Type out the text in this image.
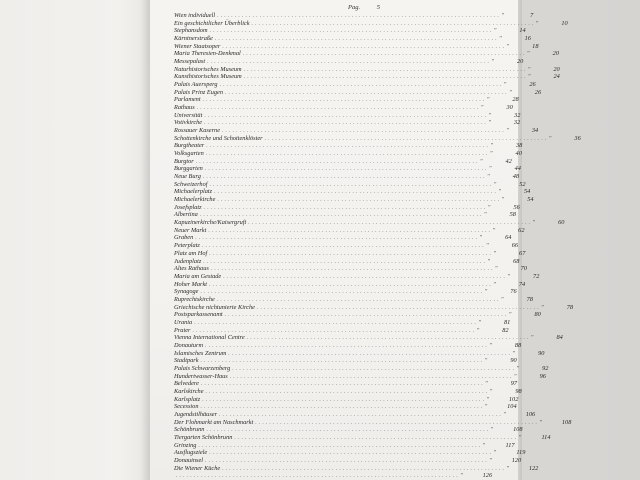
Pag.	5
Wien individuell . . . . . . . . . . . . . . . . . . . . . . . . . . . . . . . . . . . . . . . . . . . . . . . . . . . . . . . . . . . . . . . . . . . . . . . . . . . . . . . . "	7
Ein geschichtlicher Überblick . . . . . . . . . . . . . . . . . . . . . . . . . . . . . . . . . . . . . . . . . . . . . . . . . . . . . . . . . . . . . . . . . . . . . . . . . . . . . . . . "	10
Stephansdom . . . . . . . . . . . . . . . . . . . . . . . . . . . . . . . . . . . . . . . . . . . . . . . . . . . . . . . . . . . . . . . . . . . . . . . . . . . . . . . . "	14
Kärntnerstraße . . . . . . . . . . . . . . . . . . . . . . . . . . . . . . . . . . . . . . . . . . . . . . . . . . . . . . . . . . . . . . . . . . . . . . . . . . . . . . . . "	16
Wiener Staatsoper . . . . . . . . . . . . . . . . . . . . . . . . . . . . . . . . . . . . . . . . . . . . . . . . . . . . . . . . . . . . . . . . . . . . . . . . . . . . . . . . "	18
Maria Theresien-Denkmal . . . . . . . . . . . . . . . . . . . . . . . . . . . . . . . . . . . . . . . . . . . . . . . . . . . . . . . . . . . . . . . . . . . . . . . . . . . . . . . . "	20
Messepalast . . . . . . . . . . . . . . . . . . . . . . . . . . . . . . . . . . . . . . . . . . . . . . . . . . . . . . . . . . . . . . . . . . . . . . . . . . . . . . . . "	20
Naturhistorisches Museum . . . . . . . . . . . . . . . . . . . . . . . . . . . . . . . . . . . . . . . . . . . . . . . . . . . . . . . . . . . . . . . . . . . . . . . . . . . . . . . . "	20
Kunsthistorisches Museum . . . . . . . . . . . . . . . . . . . . . . . . . . . . . . . . . . . . . . . . . . . . . . . . . . . . . . . . . . . . . . . . . . . . . . . . . . . . . . . . "	24
Palais Auersperg . . . . . . . . . . . . . . . . . . . . . . . . . . . . . . . . . . . . . . . . . . . . . . . . . . . . . . . . . . . . . . . . . . . . . . . . . . . . . . . . "	26
Palais Prinz Eugen . . . . . . . . . . . . . . . . . . . . . . . . . . . . . . . . . . . . . . . . . . . . . . . . . . . . . . . . . . . . . . . . . . . . . . . . . . . . . . . . "	26
Parlament . . . . . . . . . . . . . . . . . . . . . . . . . . . . . . . . . . . . . . . . . . . . . . . . . . . . . . . . . . . . . . . . . . . . . . . . . . . . . . . . "	28
Rathaus . . . . . . . . . . . . . . . . . . . . . . . . . . . . . . . . . . . . . . . . . . . . . . . . . . . . . . . . . . . . . . . . . . . . . . . . . . . . . . . . "	30
Universität . . . . . . . . . . . . . . . . . . . . . . . . . . . . . . . . . . . . . . . . . . . . . . . . . . . . . . . . . . . . . . . . . . . . . . . . . . . . . . . . "	32
Votivkirche . . . . . . . . . . . . . . . . . . . . . . . . . . . . . . . . . . . . . . . . . . . . . . . . . . . . . . . . . . . . . . . . . . . . . . . . . . . . . . . . "	32
Rossauer Kaserne . . . . . . . . . . . . . . . . . . . . . . . . . . . . . . . . . . . . . . . . . . . . . . . . . . . . . . . . . . . . . . . . . . . . . . . . . . . . . . . . "	34
Schottenkirche und Schottenklöster . . . . . . . . . . . . . . . . . . . . . . . . . . . . . . . . . . . . . . . . . . . . . . . . . . . . . . . . . . . . . . . . . . . . . . . . . . . . . . . . "	36
Burgtheater . . . . . . . . . . . . . . . . . . . . . . . . . . . . . . . . . . . . . . . . . . . . . . . . . . . . . . . . . . . . . . . . . . . . . . . . . . . . . . . . "	38
Volksgarten . . . . . . . . . . . . . . . . . . . . . . . . . . . . . . . . . . . . . . . . . . . . . . . . . . . . . . . . . . . . . . . . . . . . . . . . . . . . . . . . "	40
Burgtor . . . . . . . . . . . . . . . . . . . . . . . . . . . . . . . . . . . . . . . . . . . . . . . . . . . . . . . . . . . . . . . . . . . . . . . . . . . . . . . . "	42
Burggarten . . . . . . . . . . . . . . . . . . . . . . . . . . . . . . . . . . . . . . . . . . . . . . . . . . . . . . . . . . . . . . . . . . . . . . . . . . . . . . . . "	44
Neue Burg . . . . . . . . . . . . . . . . . . . . . . . . . . . . . . . . . . . . . . . . . . . . . . . . . . . . . . . . . . . . . . . . . . . . . . . . . . . . . . . . "	48
Schweizerhof . . . . . . . . . . . . . . . . . . . . . . . . . . . . . . . . . . . . . . . . . . . . . . . . . . . . . . . . . . . . . . . . . . . . . . . . . . . . . . . . "	52
Michaelerplatz . . . . . . . . . . . . . . . . . . . . . . . . . . . . . . . . . . . . . . . . . . . . . . . . . . . . . . . . . . . . . . . . . . . . . . . . . . . . . . . . "	54
Michaelerkirche . . . . . . . . . . . . . . . . . . . . . . . . . . . . . . . . . . . . . . . . . . . . . . . . . . . . . . . . . . . . . . . . . . . . . . . . . . . . . . . . "	54
Josefsplatz . . . . . . . . . . . . . . . . . . . . . . . . . . . . . . . . . . . . . . . . . . . . . . . . . . . . . . . . . . . . . . . . . . . . . . . . . . . . . . . . "	56
Albertina . . . . . . . . . . . . . . . . . . . . . . . . . . . . . . . . . . . . . . . . . . . . . . . . . . . . . . . . . . . . . . . . . . . . . . . . . . . . . . . . "	58
Kapuzinerkirche/Kaisergruft . . . . . . . . . . . . . . . . . . . . . . . . . . . . . . . . . . . . . . . . . . . . . . . . . . . . . . . . . . . . . . . . . . . . . . . . . . . . . . . . "	60
Neuer Markt . . . . . . . . . . . . . . . . . . . . . . . . . . . . . . . . . . . . . . . . . . . . . . . . . . . . . . . . . . . . . . . . . . . . . . . . . . . . . . . . "	62
Graben . . . . . . . . . . . . . . . . . . . . . . . . . . . . . . . . . . . . . . . . . . . . . . . . . . . . . . . . . . . . . . . . . . . . . . . . . . . . . . . . "	64
Peterplatz . . . . . . . . . . . . . . . . . . . . . . . . . . . . . . . . . . . . . . . . . . . . . . . . . . . . . . . . . . . . . . . . . . . . . . . . . . . . . . . . "	66
Platz am Hof . . . . . . . . . . . . . . . . . . . . . . . . . . . . . . . . . . . . . . . . . . . . . . . . . . . . . . . . . . . . . . . . . . . . . . . . . . . . . . . . "	67
Judenplatz . . . . . . . . . . . . . . . . . . . . . . . . . . . . . . . . . . . . . . . . . . . . . . . . . . . . . . . . . . . . . . . . . . . . . . . . . . . . . . . . "	68
Altes Rathaus . . . . . . . . . . . . . . . . . . . . . . . . . . . . . . . . . . . . . . . . . . . . . . . . . . . . . . . . . . . . . . . . . . . . . . . . . . . . . . . . "	70
Maria am Gestade . . . . . . . . . . . . . . . . . . . . . . . . . . . . . . . . . . . . . . . . . . . . . . . . . . . . . . . . . . . . . . . . . . . . . . . . . . . . . . . . "	72
Hoher Markt . . . . . . . . . . . . . . . . . . . . . . . . . . . . . . . . . . . . . . . . . . . . . . . . . . . . . . . . . . . . . . . . . . . . . . . . . . . . . . . . "	74
Synagoge . . . . . . . . . . . . . . . . . . . . . . . . . . . . . . . . . . . . . . . . . . . . . . . . . . . . . . . . . . . . . . . . . . . . . . . . . . . . . . . . "	76
Ruprechtskirche . . . . . . . . . . . . . . . . . . . . . . . . . . . . . . . . . . . . . . . . . . . . . . . . . . . . . . . . . . . . . . . . . . . . . . . . . . . . . . . . "	78
Griechische nichtunierte Kirche . . . . . . . . . . . . . . . . . . . . . . . . . . . . . . . . . . . . . . . . . . . . . . . . . . . . . . . . . . . . . . . . . . . . . . . . . . . . . . . . "	78
Postsparkassenamt . . . . . . . . . . . . . . . . . . . . . . . . . . . . . . . . . . . . . . . . . . . . . . . . . . . . . . . . . . . . . . . . . . . . . . . . . . . . . . . . "	80
Urania . . . . . . . . . . . . . . . . . . . . . . . . . . . . . . . . . . . . . . . . . . . . . . . . . . . . . . . . . . . . . . . . . . . . . . . . . . . . . . . . "	81
Prater . . . . . . . . . . . . . . . . . . . . . . . . . . . . . . . . . . . . . . . . . . . . . . . . . . . . . . . . . . . . . . . . . . . . . . . . . . . . . . . . "	82
Vienna International Centre . . . . . . . . . . . . . . . . . . . . . . . . . . . . . . . . . . . . . . . . . . . . . . . . . . . . . . . . . . . . . . . . . . . . . . . . . . . . . . . . "	84
Donauturm . . . . . . . . . . . . . . . . . . . . . . . . . . . . . . . . . . . . . . . . . . . . . . . . . . . . . . . . . . . . . . . . . . . . . . . . . . . . . . . . "	88
Islamisches Zentrum . . . . . . . . . . . . . . . . . . . . . . . . . . . . . . . . . . . . . . . . . . . . . . . . . . . . . . . . . . . . . . . . . . . . . . . . . . . . . . . . "	90
Stadtpark . . . . . . . . . . . . . . . . . . . . . . . . . . . . . . . . . . . . . . . . . . . . . . . . . . . . . . . . . . . . . . . . . . . . . . . . . . . . . . . . "	90
Palais Schwarzenberg . . . . . . . . . . . . . . . . . . . . . . . . . . . . . . . . . . . . . . . . . . . . . . . . . . . . . . . . . . . . . . . . . . . . . . . . . . . . . . . . "	92
Hundertwasser-Haus . . . . . . . . . . . . . . . . . . . . . . . . . . . . . . . . . . . . . . . . . . . . . . . . . . . . . . . . . . . . . . . . . . . . . . . . . . . . . . . . "	96
Belvedere . . . . . . . . . . . . . . . . . . . . . . . . . . . . . . . . . . . . . . . . . . . . . . . . . . . . . . . . . . . . . . . . . . . . . . . . . . . . . . . . "	97
Karlskirche . . . . . . . . . . . . . . . . . . . . . . . . . . . . . . . . . . . . . . . . . . . . . . . . . . . . . . . . . . . . . . . . . . . . . . . . . . . . . . . . "	98
Karlsplatz . . . . . . . . . . . . . . . . . . . . . . . . . . . . . . . . . . . . . . . . . . . . . . . . . . . . . . . . . . . . . . . . . . . . . . . . . . . . . . . . "	102
Secession . . . . . . . . . . . . . . . . . . . . . . . . . . . . . . . . . . . . . . . . . . . . . . . . . . . . . . . . . . . . . . . . . . . . . . . . . . . . . . . . "	104
Jugendstilhäuser . . . . . . . . . . . . . . . . . . . . . . . . . . . . . . . . . . . . . . . . . . . . . . . . . . . . . . . . . . . . . . . . . . . . . . . . . . . . . . . . "	106
Der Flohmarkt am Naschmarkt . . . . . . . . . . . . . . . . . . . . . . . . . . . . . . . . . . . . . . . . . . . . . . . . . . . . . . . . . . . . . . . . . . . . . . . . . . . . . . . . "	108
Schönbrunn . . . . . . . . . . . . . . . . . . . . . . . . . . . . . . . . . . . . . . . . . . . . . . . . . . . . . . . . . . . . . . . . . . . . . . . . . . . . . . . . "	108
Tiergarten Schönbrunn . . . . . . . . . . . . . . . . . . . . . . . . . . . . . . . . . . . . . . . . . . . . . . . . . . . . . . . . . . . . . . . . . . . . . . . . . . . . . . . . "	114
Grinzing . . . . . . . . . . . . . . . . . . . . . . . . . . . . . . . . . . . . . . . . . . . . . . . . . . . . . . . . . . . . . . . . . . . . . . . . . . . . . . . . "	117
Ausflugsziele . . . . . . . . . . . . . . . . . . . . . . . . . . . . . . . . . . . . . . . . . . . . . . . . . . . . . . . . . . . . . . . . . . . . . . . . . . . . . . . . "	119
Donauinsel . . . . . . . . . . . . . . . . . . . . . . . . . . . . . . . . . . . . . . . . . . . . . . . . . . . . . . . . . . . . . . . . . . . . . . . . . . . . . . . . "	120
Die Wiener Küche . . . . . . . . . . . . . . . . . . . . . . . . . . . . . . . . . . . . . . . . . . . . . . . . . . . . . . . . . . . . . . . . . . . . . . . . . . . . . . . . "	122
. . . . . . . . . . . . . . . . . . . . . . . . . . . . . . . . . . . . . . . . . . . . . . . . . . . . . . . . . . . . . . . . . . . . . . . . . . . . . . . . "	126
